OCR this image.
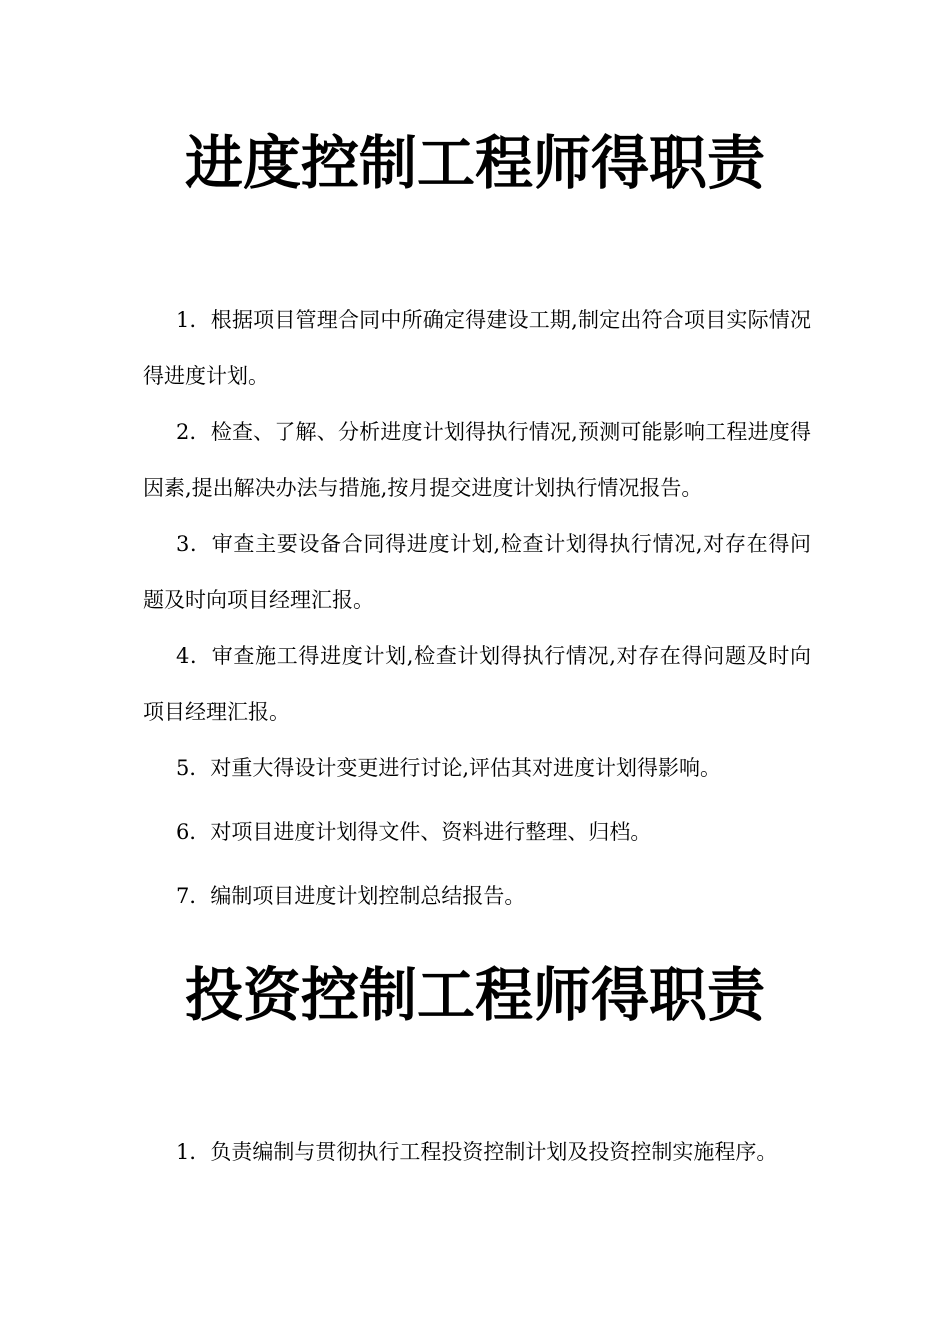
进度控制工程师得职责

1．根据项目管理合同中所确定得建设工期,制定出符合项目实际情况得进度计划。

2．检查、了解、分析进度计划得执行情况,预测可能影响工程进度得因素,提出解决办法与措施,按月提交进度计划执行情况报告。

3．审查主要设备合同得进度计划,检查计划得执行情况,对存在得问题及时向项目经理汇报。

4．审查施工得进度计划,检查计划得执行情况,对存在得问题及时向项目经理汇报。

5．对重大得设计变更进行讨论,评估其对进度计划得影响。

6．对项目进度计划得文件、资料进行整理、归档。

7．编制项目进度计划控制总结报告。

投资控制工程师得职责

1．负责编制与贯彻执行工程投资控制计划及投资控制实施程序。
